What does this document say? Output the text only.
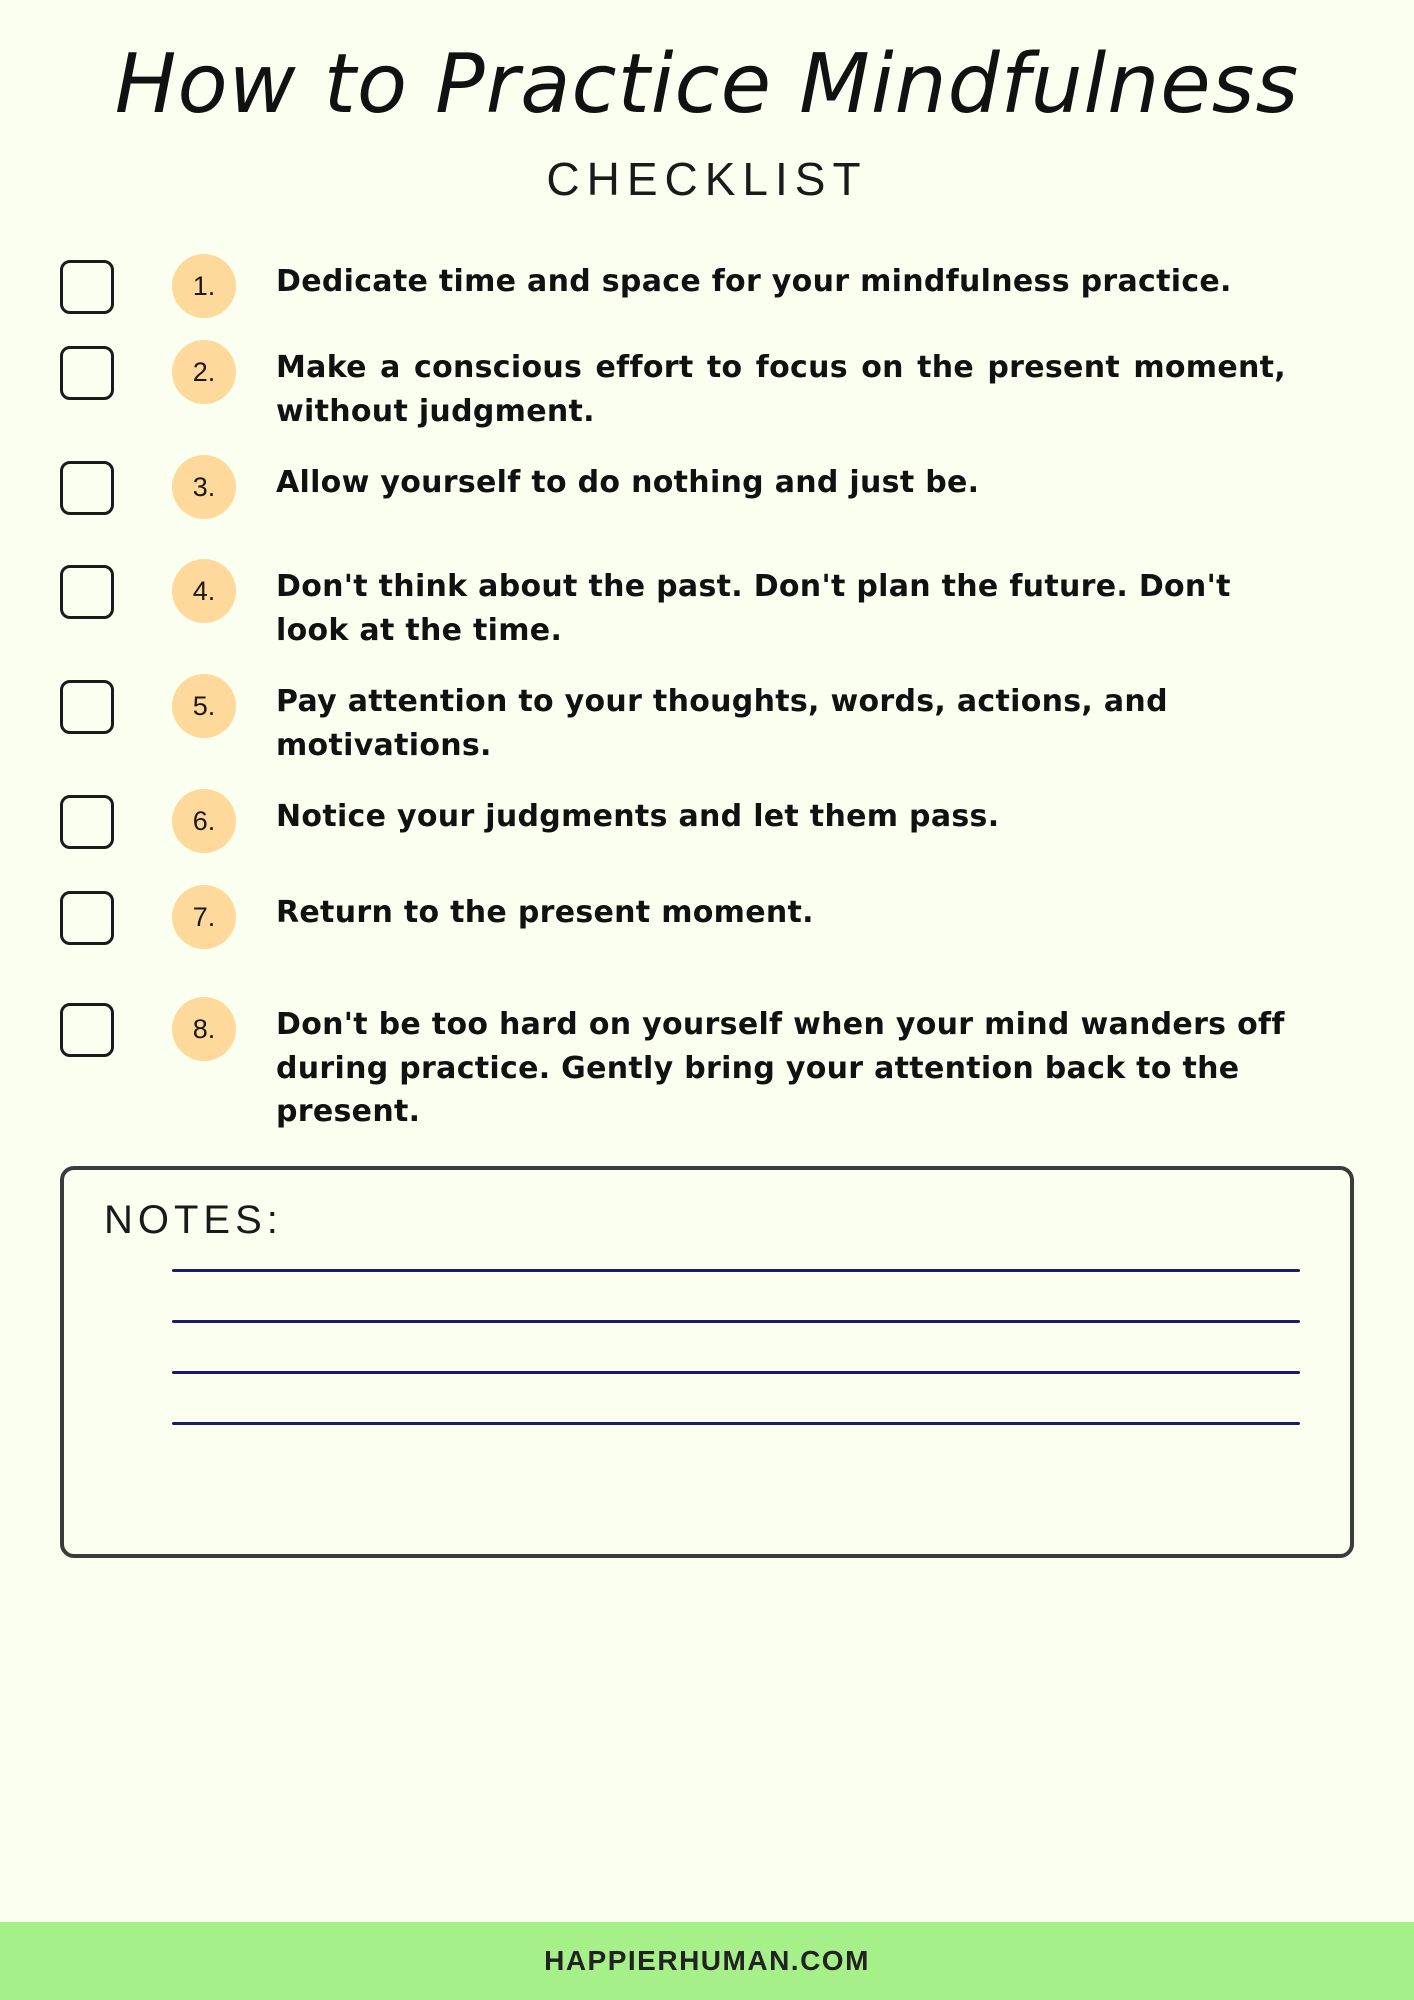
How to Practice Mindfulness
CHECKLIST
1.	Dedicate time and space for your mindfulness practice.
2.	Make a conscious effort to focus on the present moment, without judgment.
3.	Allow yourself to do nothing and just be.
4.	Don't think about the past. Don't plan the future. Don't look at the time.
5.	Pay attention to your thoughts, words, actions, and motivations.
6.	Notice your judgments and let them pass.
7.	Return to the present moment.
8.	Don't be too hard on yourself when your mind wanders off during practice. Gently bring your attention back to the present.
NOTES:
HAPPIERHUMAN.COM
